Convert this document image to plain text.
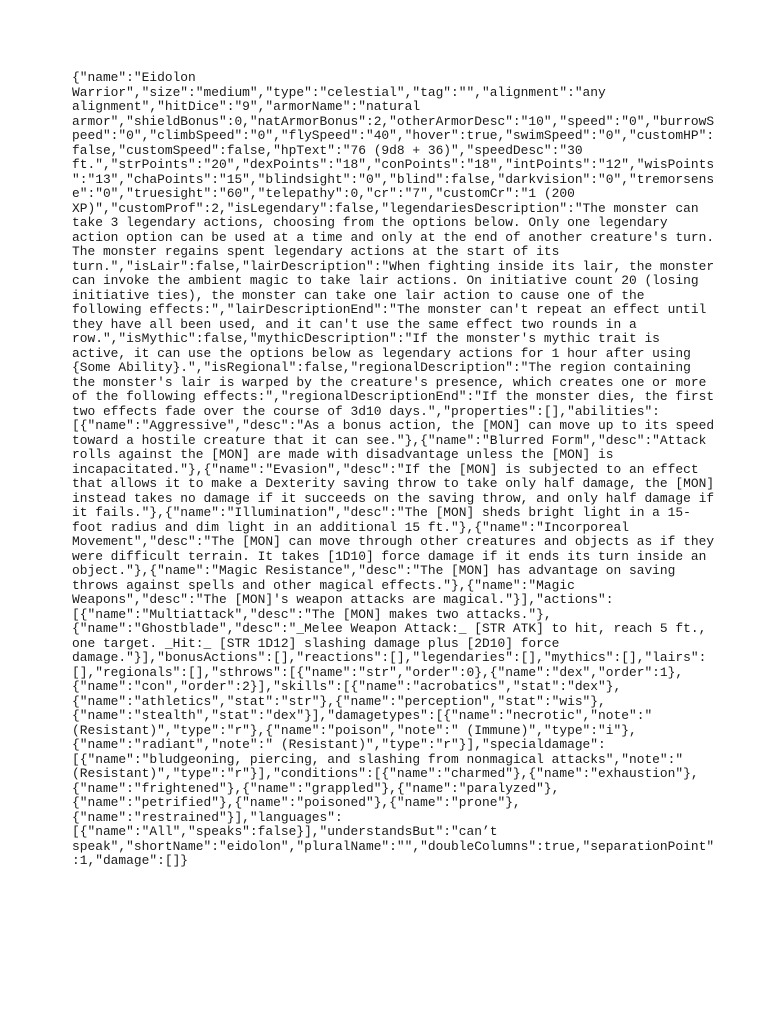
{"name":"Eidolon
Warrior","size":"medium","type":"celestial","tag":"","alignment":"any
alignment","hitDice":"9","armorName":"natural
armor","shieldBonus":0,"natArmorBonus":2,"otherArmorDesc":"10","speed":"0","burrowS
peed":"0","climbSpeed":"0","flySpeed":"40","hover":true,"swimSpeed":"0","customHP":
false,"customSpeed":false,"hpText":"76 (9d8 + 36)","speedDesc":"30
ft.","strPoints":"20","dexPoints":"18","conPoints":"18","intPoints":"12","wisPoints
":"13","chaPoints":"15","blindsight":"0","blind":false,"darkvision":"0","tremorsens
e":"0","truesight":"60","telepathy":0,"cr":"7","customCr":"1 (200
XP)","customProf":2,"isLegendary":false,"legendariesDescription":"The monster can
take 3 legendary actions, choosing from the options below. Only one legendary
action option can be used at a time and only at the end of another creature's turn.
The monster regains spent legendary actions at the start of its
turn.","isLair":false,"lairDescription":"When fighting inside its lair, the monster
can invoke the ambient magic to take lair actions. On initiative count 20 (losing
initiative ties), the monster can take one lair action to cause one of the
following effects:","lairDescriptionEnd":"The monster can't repeat an effect until
they have all been used, and it can't use the same effect two rounds in a
row.","isMythic":false,"mythicDescription":"If the monster's mythic trait is
active, it can use the options below as legendary actions for 1 hour after using
{Some Ability}.","isRegional":false,"regionalDescription":"The region containing
the monster's lair is warped by the creature's presence, which creates one or more
of the following effects:","regionalDescriptionEnd":"If the monster dies, the first
two effects fade over the course of 3d10 days.","properties":[],"abilities":
[{"name":"Aggressive","desc":"As a bonus action, the [MON] can move up to its speed
toward a hostile creature that it can see."},{"name":"Blurred Form","desc":"Attack
rolls against the [MON] are made with disadvantage unless the [MON] is
incapacitated."},{"name":"Evasion","desc":"If the [MON] is subjected to an effect
that allows it to make a Dexterity saving throw to take only half damage, the [MON]
instead takes no damage if it succeeds on the saving throw, and only half damage if
it fails."},{"name":"Illumination","desc":"The [MON] sheds bright light in a 15-
foot radius and dim light in an additional 15 ft."},{"name":"Incorporeal
Movement","desc":"The [MON] can move through other creatures and objects as if they
were difficult terrain. It takes [1D10] force damage if it ends its turn inside an
object."},{"name":"Magic Resistance","desc":"The [MON] has advantage on saving
throws against spells and other magical effects."},{"name":"Magic
Weapons","desc":"The [MON]'s weapon attacks are magical."}],"actions":
[{"name":"Multiattack","desc":"The [MON] makes two attacks."},
{"name":"Ghostblade","desc":"_Melee Weapon Attack:_ [STR ATK] to hit, reach 5 ft.,
one target. _Hit:_ [STR 1D12] slashing damage plus [2D10] force
damage."}],"bonusActions":[],"reactions":[],"legendaries":[],"mythics":[],"lairs":
[],"regionals":[],"sthrows":[{"name":"str","order":0},{"name":"dex","order":1},
{"name":"con","order":2}],"skills":[{"name":"acrobatics","stat":"dex"},
{"name":"athletics","stat":"str"},{"name":"perception","stat":"wis"},
{"name":"stealth","stat":"dex"}],"damagetypes":[{"name":"necrotic","note":"
(Resistant)","type":"r"},{"name":"poison","note":" (Immune)","type":"i"},
{"name":"radiant","note":" (Resistant)","type":"r"}],"specialdamage":
[{"name":"bludgeoning, piercing, and slashing from nonmagical attacks","note":"
(Resistant)","type":"r"}],"conditions":[{"name":"charmed"},{"name":"exhaustion"},
{"name":"frightened"},{"name":"grappled"},{"name":"paralyzed"},
{"name":"petrified"},{"name":"poisoned"},{"name":"prone"},
{"name":"restrained"}],"languages":
[{"name":"All","speaks":false}],"understandsBut":"can’t
speak","shortName":"eidolon","pluralName":"","doubleColumns":true,"separationPoint"
:1,"damage":[]}
